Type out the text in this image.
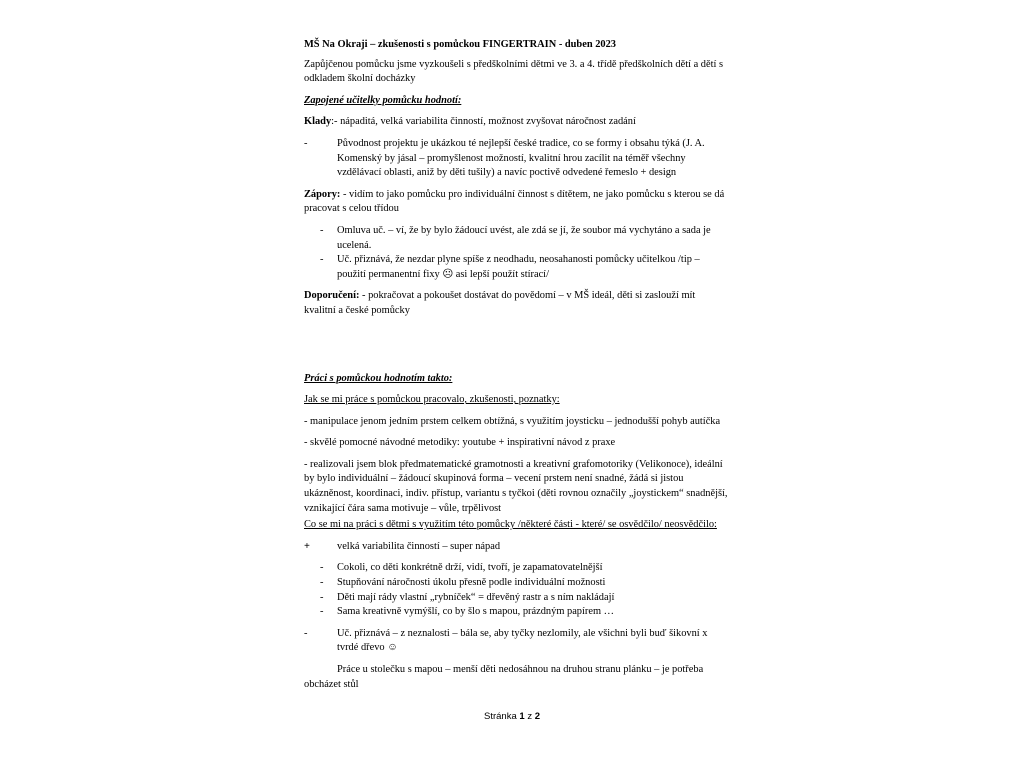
MŠ Na Okraji – zkušenosti s pomůckou FINGERTRAIN - duben 2023

Zapůjčenou pomůcku jsme vyzkoušeli s předškolními dětmi ve 3. a 4. třídě předškolních dětí a dětí s odkladem školní docházky

Zapojené učitelky pomůcku hodnotí:

Klady:- nápaditá, velká variabilita činností, možnost zvyšovat náročnost zadání

-	Původnost projektu je ukázkou té nejlepší české tradice, co se formy i obsahu týká (J. A. Komenský by jásal – promyšlenost možností, kvalitní hrou zacílit na téměř všechny vzdělávací oblasti, aniž by děti tušily) a navíc poctivě odvedené řemeslo + design

Zápory: - vidím to jako pomůcku pro individuální činnost s dítětem, ne jako pomůcku s kterou se dá pracovat s celou třídou

-	Omluva uč. – ví, že by bylo žádoucí uvést, ale zdá se jí, že soubor má vychytáno a sada je ucelená.
-	Uč. přiznává, že nezdar plyne spíše z neodhadu, neosahanosti pomůcky učitelkou /tip – použití permanentní fixy ☹ asi lepší použít stírací/

Doporučení: - pokračovat a pokoušet dostávat do povědomí – v MŠ ideál, děti si zaslouží mít kvalitní a české pomůcky

Práci s pomůckou hodnotím takto:

Jak se mi práce s pomůckou pracovalo, zkušenosti, poznatky:

- manipulace jenom jedním prstem celkem obtížná, s využitím joysticku – jednodušší pohyb autíčka

- skvělé pomocné návodné metodiky: youtube + inspirativní návod z praxe

- realizovali jsem blok předmatematické gramotnosti a kreativní grafomotoriky (Velikonoce), ideální by bylo individuální – žádoucí skupinová forma – vecení prstem není snadné, žádá si jistou ukázněnost, koordinaci, indiv. přístup, variantu s tyčkoi (děti rovnou označily „joystickem“ snadnější, vznikající čára sama motivuje – vůle, trpělivost

Co se mi na práci s dětmi s využitím této pomůcky /některé části - které/ se osvědčilo/ neosvědčilo:

+	velká variabilita činností – super nápad
-	Cokoli, co děti konkrétně drží, vidí, tvoří, je zapamatovatelnější
-	Stupňování náročnosti úkolu přesně podle individuální možnosti
-	Děti mají rády vlastní „rybníček“ = dřevěný rastr a s ním nakládají
-	Sama kreativně vymýšlí, co by šlo s mapou, prázdným papírem …
-	Uč. přiznává – z neznalosti – bála se, aby tyčky nezlomily, ale všichni byli buď šikovní x tvrdé dřevo ☺

Práce u stolečku s mapou – menší děti nedosáhnou na druhou stranu plánku – je potřeba obcházet stůl

Stránka 1 z 2
